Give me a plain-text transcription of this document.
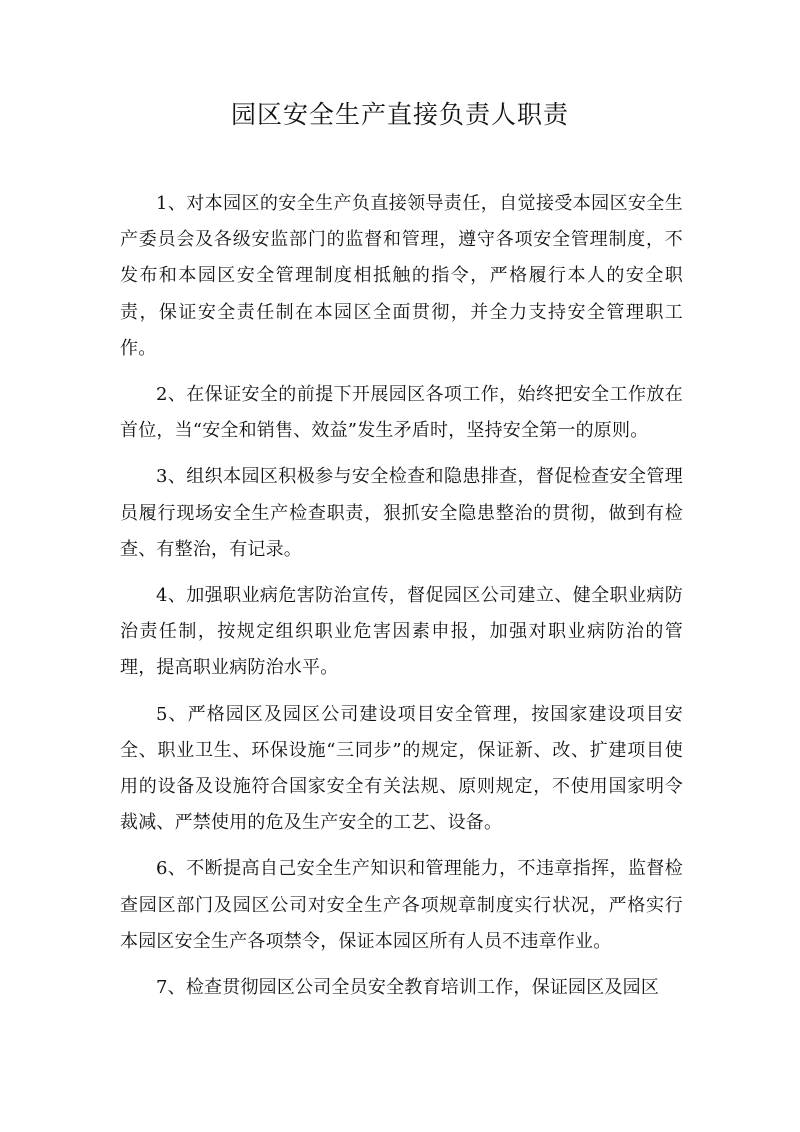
园区安全生产直接负责人职责

1、对本园区的安全生产负直接领导责任，自觉接受本园区安全生产委员会及各级安监部门的监督和管理，遵守各项安全管理制度，不发布和本园区安全管理制度相抵触的指令，严格履行本人的安全职责，保证安全责任制在本园区全面贯彻，并全力支持安全管理职工作。

2、在保证安全的前提下开展园区各项工作，始终把安全工作放在首位，当“安全和销售、效益”发生矛盾时，坚持安全第一的原则。

3、组织本园区积极参与安全检查和隐患排查，督促检查安全管理员履行现场安全生产检查职责，狠抓安全隐患整治的贯彻，做到有检查、有整治，有记录。

4、加强职业病危害防治宣传，督促园区公司建立、健全职业病防治责任制，按规定组织职业危害因素申报，加强对职业病防治的管理，提高职业病防治水平。

5、严格园区及园区公司建设项目安全管理，按国家建设项目安全、职业卫生、环保设施“三同步”的规定，保证新、改、扩建项目使用的设备及设施符合国家安全有关法规、原则规定，不使用国家明令裁减、严禁使用的危及生产安全的工艺、设备。

6、不断提高自己安全生产知识和管理能力，不违章指挥，监督检查园区部门及园区公司对安全生产各项规章制度实行状况，严格实行本园区安全生产各项禁令，保证本园区所有人员不违章作业。

7、检查贯彻园区公司全员安全教育培训工作，保证园区及园区
